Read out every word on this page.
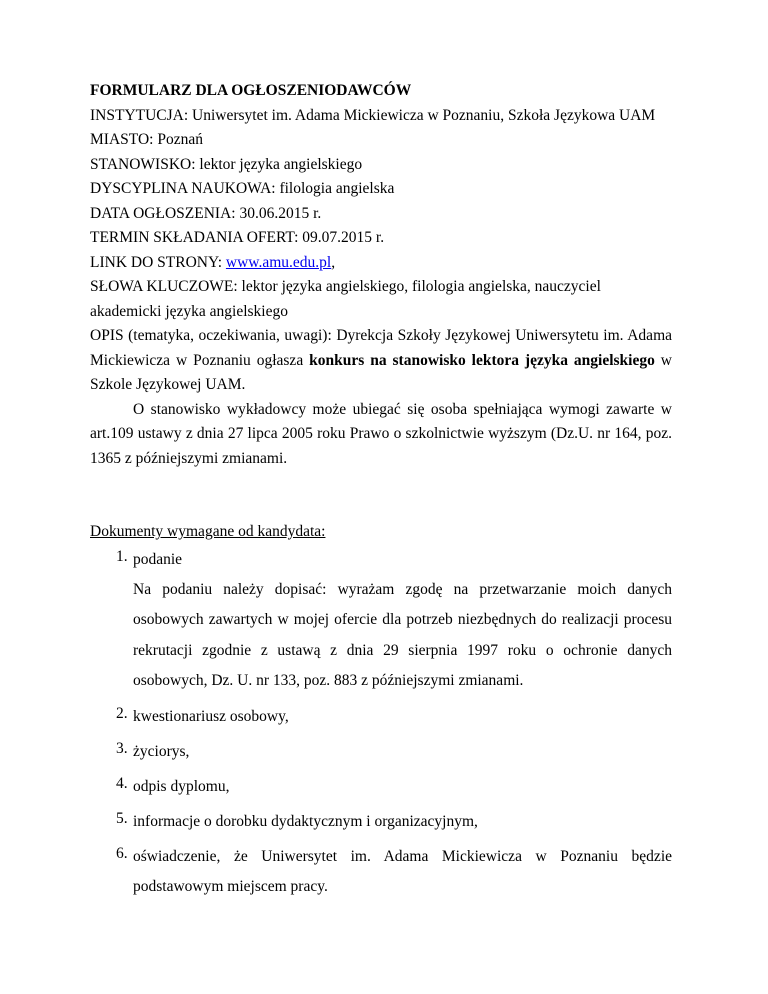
FORMULARZ DLA OGŁOSZENIODAWCÓW
INSTYTUCJA: Uniwersytet im. Adama Mickiewicza w Poznaniu, Szkoła Językowa UAM
MIASTO: Poznań
STANOWISKO: lektor języka angielskiego
DYSCYPLINA NAUKOWA: filologia angielska
DATA OGŁOSZENIA: 30.06.2015 r.
TERMIN SKŁADANIA OFERT: 09.07.2015 r.
LINK DO STRONY: www.amu.edu.pl,
SŁOWA KLUCZOWE: lektor języka angielskiego, filologia angielska, nauczyciel
akademicki języka angielskiego
OPIS (tematyka, oczekiwania, uwagi): Dyrekcja Szkoły Językowej Uniwersytetu im. Adama Mickiewicza w Poznaniu ogłasza konkurs na stanowisko lektora języka angielskiego w Szkole Językowej UAM.
O stanowisko wykładowcy może ubiegać się osoba spełniająca wymogi zawarte w art.109 ustawy z dnia 27 lipca 2005 roku Prawo o szkolnictwie wyższym (Dz.U. nr 164, poz. 1365 z późniejszymi zmianami.
Dokumenty wymagane od kandydata:
1. podanie
Na podaniu należy dopisać: wyrażam zgodę na przetwarzanie moich danych osobowych zawartych w mojej ofercie dla potrzeb niezbędnych do realizacji procesu rekrutacji zgodnie z ustawą z dnia 29 sierpnia 1997 roku o ochronie danych osobowych, Dz. U. nr 133, poz. 883 z późniejszymi zmianami.
2. kwestionariusz osobowy,
3. życiorys,
4. odpis dyplomu,
5. informacje o dorobku dydaktycznym i organizacyjnym,
6. oświadczenie, że Uniwersytet im. Adama Mickiewicza w Poznaniu będzie podstawowym miejscem pracy.
